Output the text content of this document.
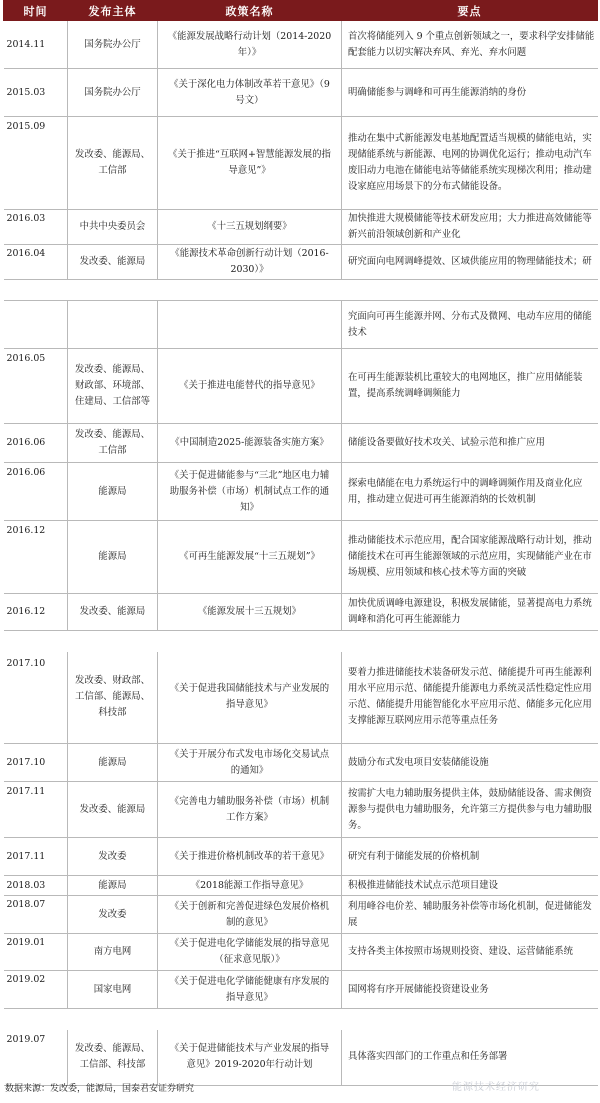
时间	发布主体	政策名称	要点
2014.11	国务院办公厅	《能源发展战略行动计划（2014-2020年）》	首次将储能列入 9 个重点创新领域之一，要求科学安排储能配套能力以切实解决弃风、弃光、弃水问题
2015.03	国务院办公厅	《关于深化电力体制改革若干意见》（9号文）	明确储能参与调峰和可再生能源消纳的身份
2015.09	发改委、能源局、工信部	《关于推进“互联网+智慧能源发展的指导意见”》	推动在集中式新能源发电基地配置适当规模的储能电站，实现储能系统与新能源、电网的协调优化运行；推动电动汽车废旧动力电池在储能电站等储能系统实现梯次利用；推动建设家庭应用场景下的分布式储能设备。
2016.03	中共中央委员会	《十三五规划纲要》	加快推进大规模储能等技术研发应用；大力推进高效储能等新兴前沿领域创新和产业化
2016.04	发改委、能源局	《能源技术革命创新行动计划（2016-2030）》	研究面向电网调峰提效、区域供能应用的物理储能技术；研

			究面向可再生能源并网、分布式及微网、电动车应用的储能技术
2016.05	发改委、能源局、财政部、环境部、住建局、工信部等	《关于推进电能替代的指导意见》	在可再生能源装机比重较大的电网地区，推广应用储能装置，提高系统调峰调频能力
2016.06	发改委、能源局、工信部	《中国制造2025-能源装备实施方案》	储能设备要做好技术攻关、试验示范和推广应用
2016.06	能源局	《关于促进储能参与“三北”地区电力辅助服务补偿（市场）机制试点工作的通知》	探索电储能在电力系统运行中的调峰调频作用及商业化应用，推动建立促进可再生能源消纳的长效机制
2016.12	能源局	《可再生能源发展“十三五规划”》	推动储能技术示范应用，配合国家能源战略行动计划，推动储能技术在可再生能源领域的示范应用，实现储能产业在市场规模、应用领域和核心技术等方面的突破
2016.12	发改委、能源局	《能源发展十三五规划》	加快优质调峰电源建设，积极发展储能，显著提高电力系统调峰和消化可再生能源能力

2017.10	发改委、财政部、工信部、能源局、科技部	《关于促进我国储能技术与产业发展的指导意见》	要着力推进储能技术装备研发示范、储能提升可再生能源利用水平应用示范、储能提升能源电力系统灵活性稳定性应用示范、储能提升用能智能化水平应用示范、储能多元化应用支撑能源互联网应用示范等重点任务
2017.10	能源局	《关于开展分布式发电市场化交易试点的通知》	鼓励分布式发电项目安装储能设施
2017.11	发改委、能源局	《完善电力辅助服务补偿（市场）机制工作方案》	按需扩大电力辅助服务提供主体，鼓励储能设备、需求侧资源参与提供电力辅助服务，允许第三方提供参与电力辅助服务。
2017.11	发改委	《关于推进价格机制改革的若干意见》	研究有利于储能发展的价格机制
2018.03	能源局	《2018能源工作指导意见》	积极推进储能技术试点示范项目建设
2018.07	发改委	《关于创新和完善促进绿色发展价格机制的意见》	利用峰谷电价差、辅助服务补偿等市场化机制，促进储能发展
2019.01	南方电网	《关于促进电化学储能发展的指导意见（征求意见版）》	支持各类主体按照市场规则投资、建设、运营储能系统
2019.02	国家电网	《关于促进电化学储能健康有序发展的指导意见》	国网将有序开展储能投资建设业务

2019.07	发改委、能源局、工信部、科技部	《关于促进储能技术与产业发展的指导意见》2019-2020年行动计划	具体落实四部门的工作重点和任务部署
数据来源：发改委，能源局，国泰君安证券研究	能源技术经济研究
